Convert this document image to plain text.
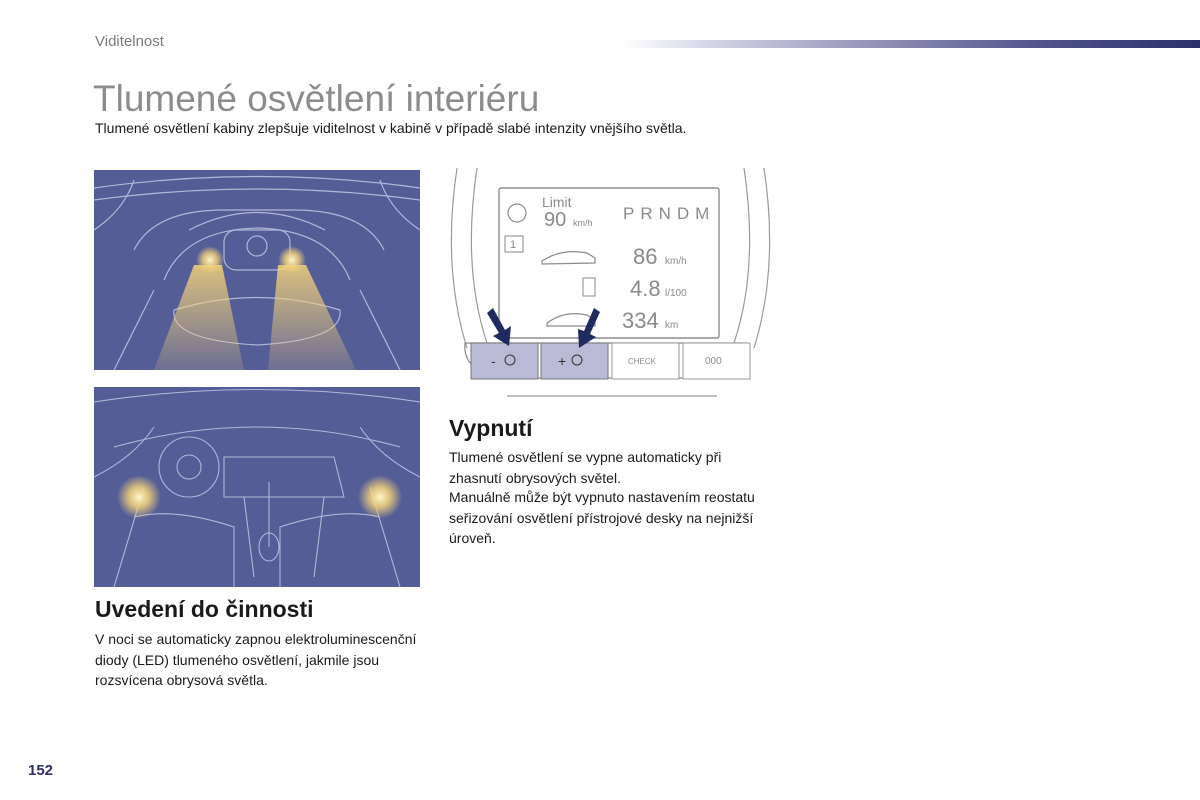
Viditelnost
Tlumené osvětlení interiéru
Tlumené osvětlení kabiny zlepšuje viditelnost v kabině v případě slabé intenzity vnějšího světla.
Limit
90 km/h PRNDM
1	86 km/h
4.8 l/100
334 km
-	+	CHECK	000
Vypnutí

Tlumené osvětlení se vypne automaticky při zhasnutí obrysových světel.

Manuálně může být vypnuto nastavením reostatu seřizování osvětlení přístrojové desky na nejnižší úroveň.

Uvedení do činnosti

V noci se automaticky zapnou elektroluminescenční diody (LED) tlumeného osvětlení, jakmile jsou rozsvícena obrysová světla.

152
